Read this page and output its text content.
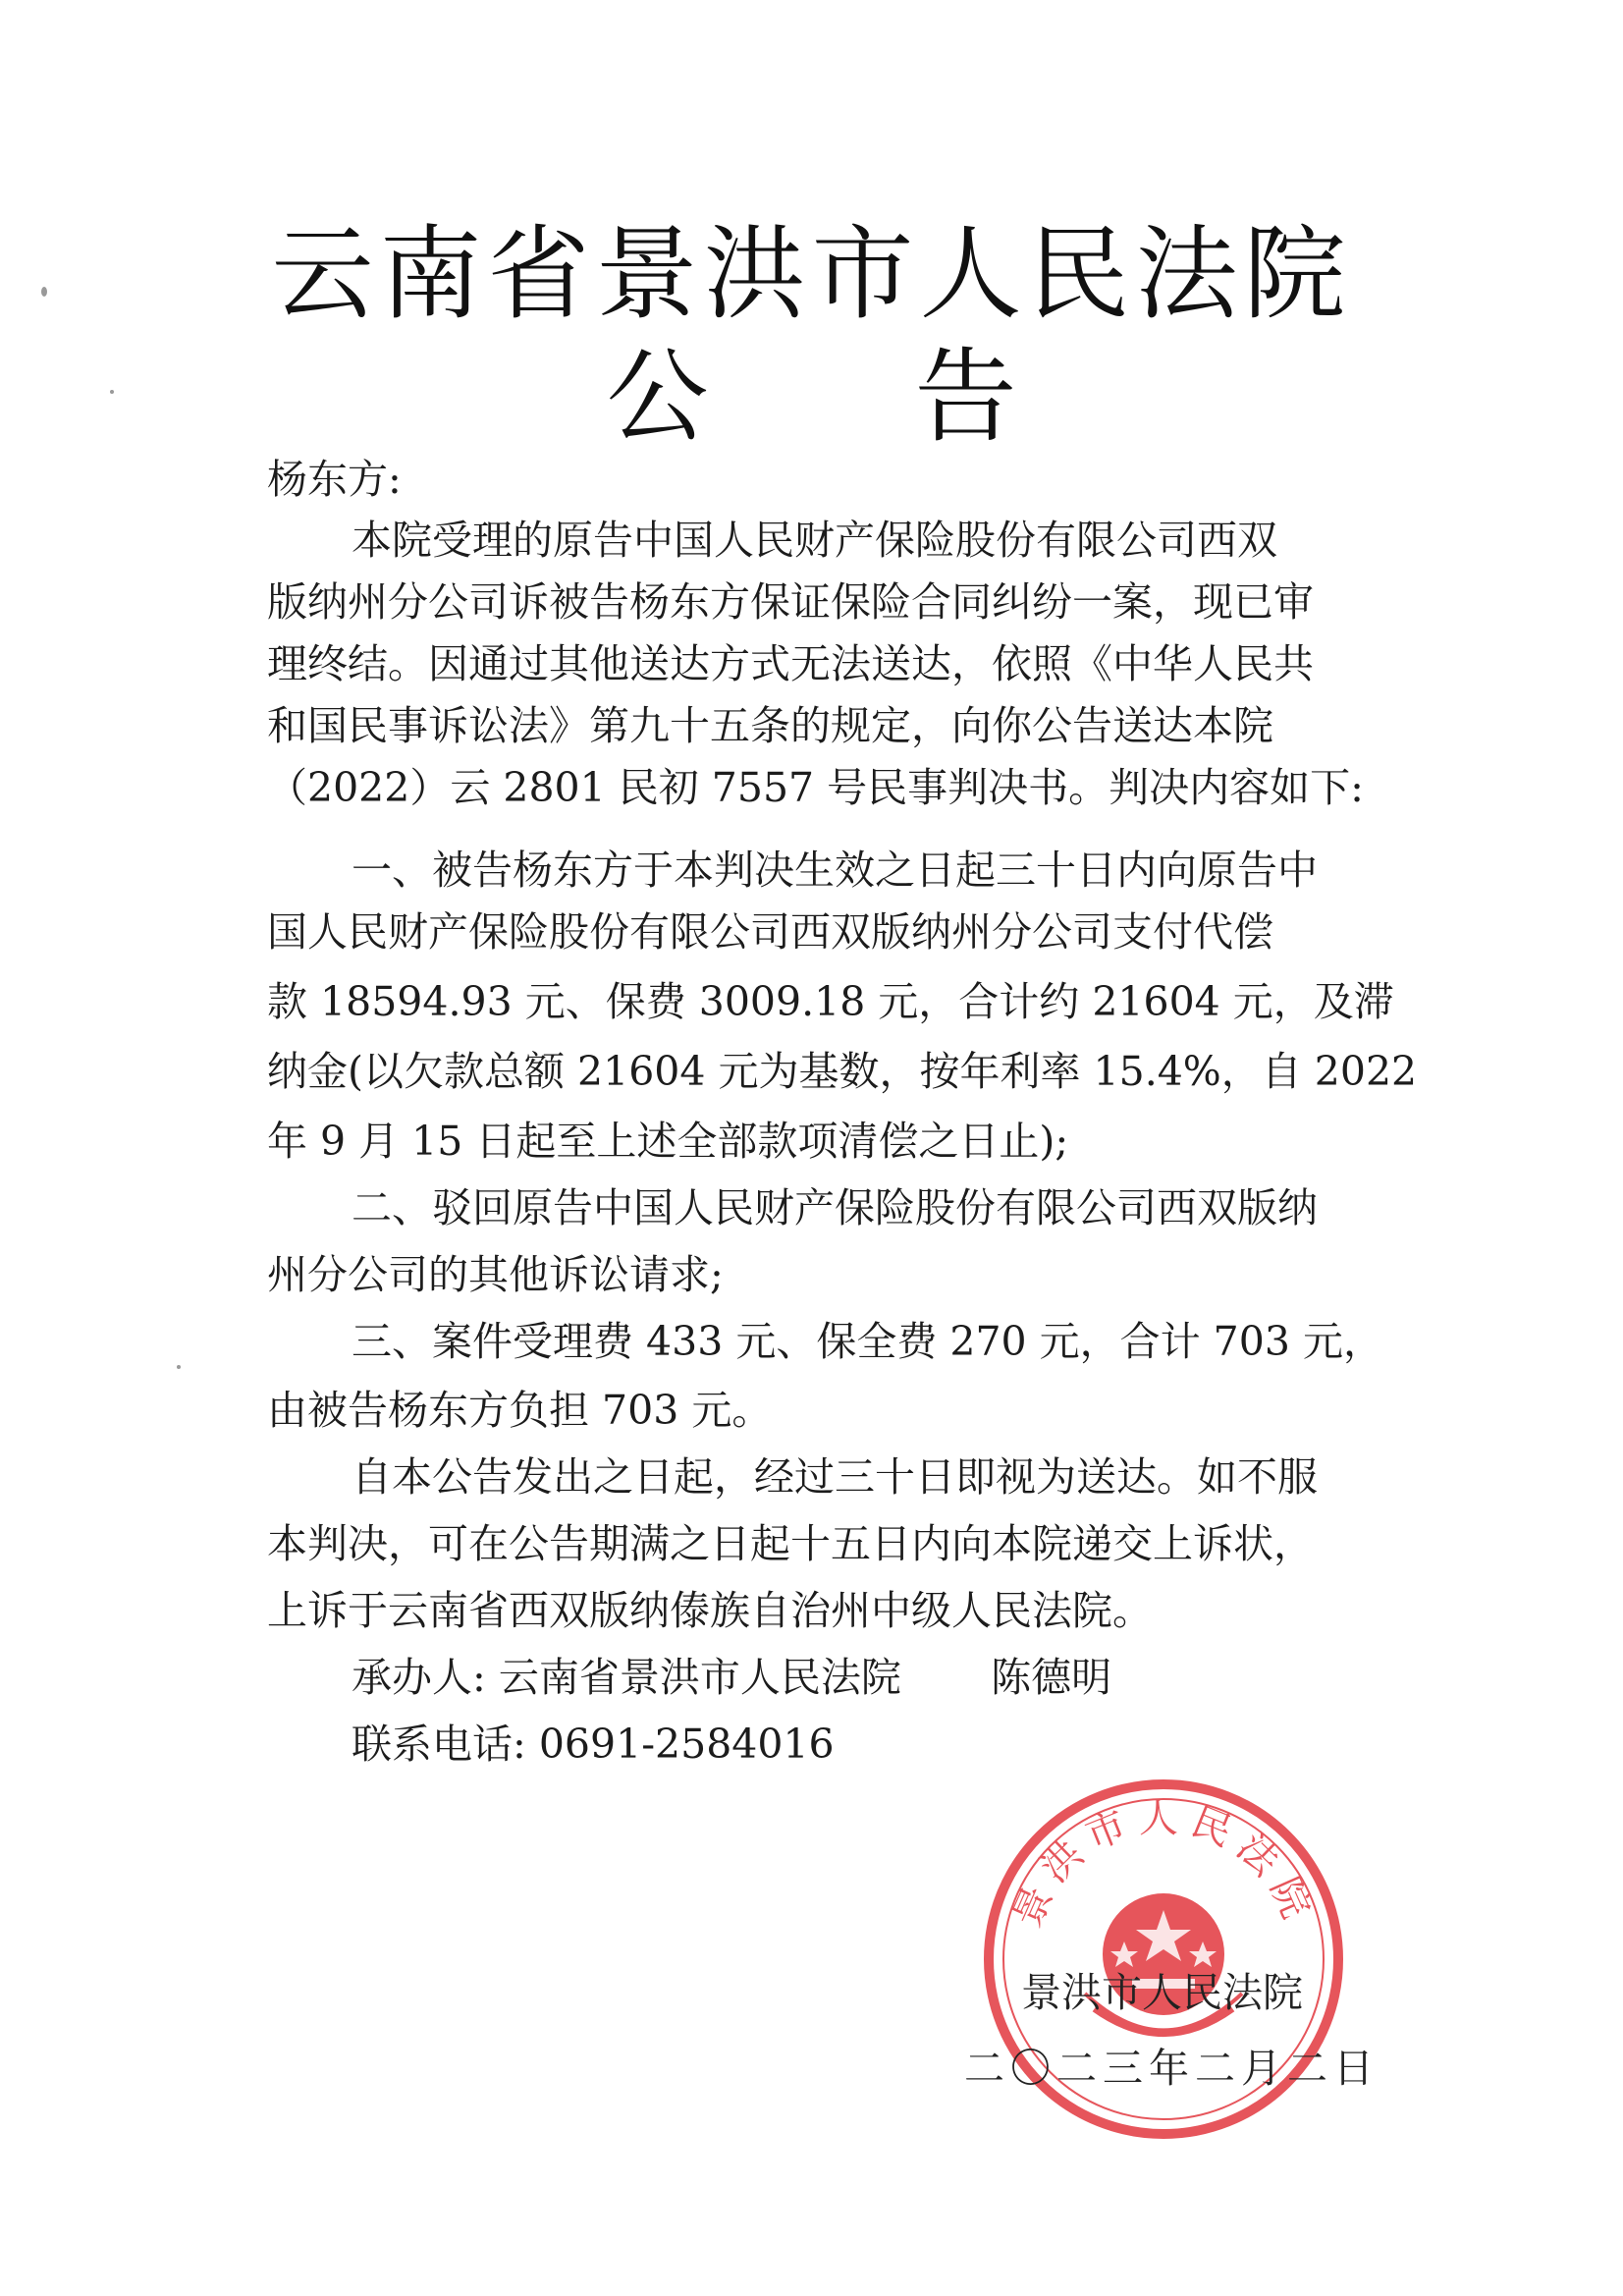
云南省景洪市人民法院
公告
杨东方:
本院受理的原告中国人民财产保险股份有限公司西双
版纳州分公司诉被告杨东方保证保险合同纠纷一案，现已审
理终结。因通过其他送达方式无法送达，依照《中华人民共
和国民事诉讼法》第九十五条的规定，向你公告送达本院
（2022）云 2801 民初 7557 号民事判决书。判决内容如下:
一、被告杨东方于本判决生效之日起三十日内向原告中
国人民财产保险股份有限公司西双版纳州分公司支付代偿
款 18594.93 元、保费 3009.18 元，合计约 21604 元，及滞
纳金(以欠款总额 21604 元为基数，按年利率 15.4%，自 2022
年 9 月 15 日起至上述全部款项清偿之日止);
二、驳回原告中国人民财产保险股份有限公司西双版纳
州分公司的其他诉讼请求;
三、案件受理费 433 元、保全费 270 元，合计 703 元，
由被告杨东方负担 703 元。
自本公告发出之日起，经过三十日即视为送达。如不服
本判决，可在公告期满之日起十五日内向本院递交上诉状，
上诉于云南省西双版纳傣族自治州中级人民法院。
承办人: 云南省景洪市人民法院       陈德明
联系电话: 0691-2584016
景洪市人民法院
景洪市人民法院
二〇二三年二月二日
